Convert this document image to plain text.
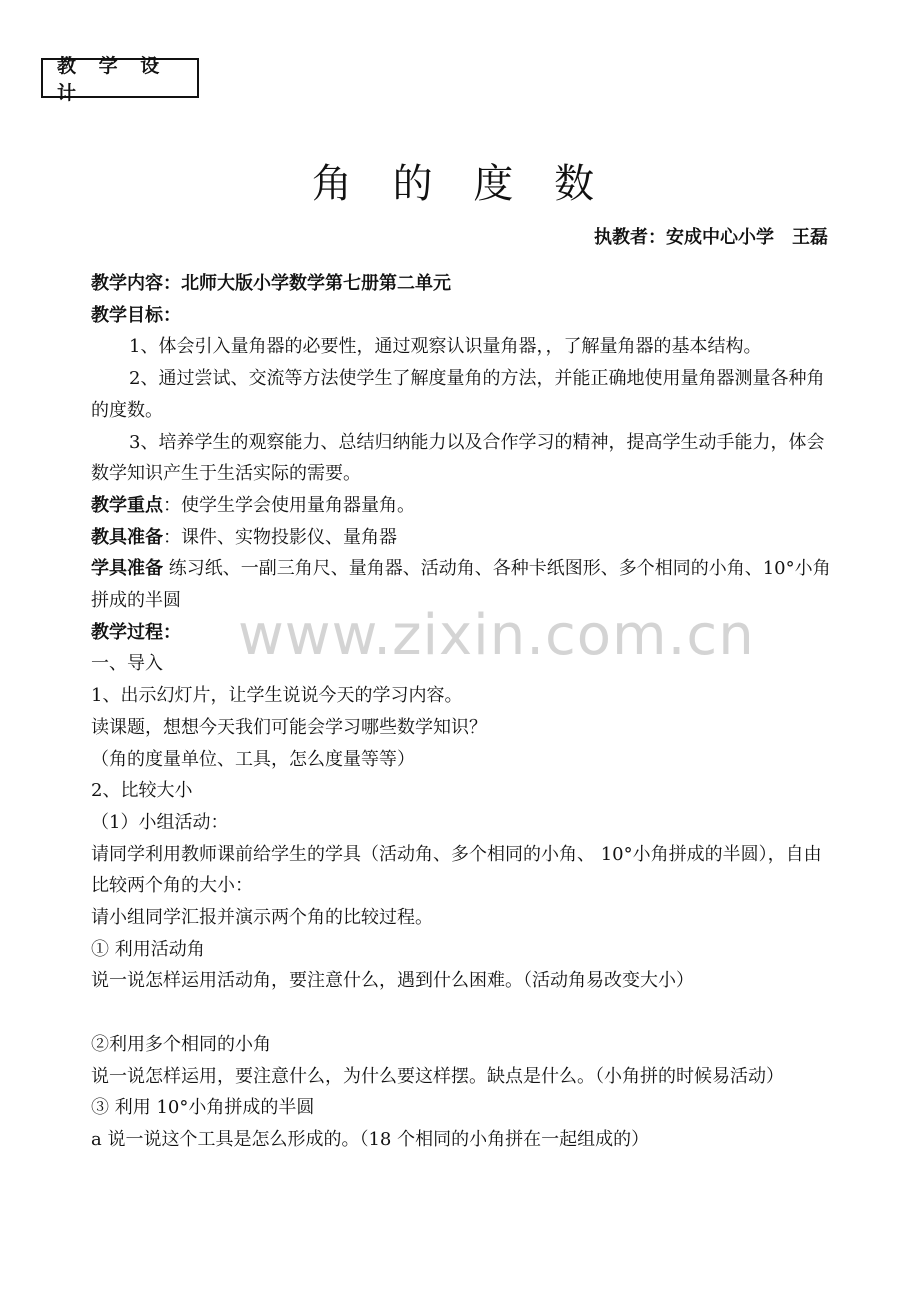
教 学 设 计
角 的 度 数
执教者：安成中心小学　王磊
教学内容：北师大版小学数学第七册第二单元
教学目标：
1、体会引入量角器的必要性，通过观察认识量角器，，了解量角器的基本结构。
2、通过尝试、交流等方法使学生了解度量角的方法，并能正确地使用量角器测量各种角的度数。
3、培养学生的观察能力、总结归纳能力以及合作学习的精神，提高学生动手能力，体会数学知识产生于生活实际的需要。
教学重点：使学生学会使用量角器量角。
教具准备：课件、实物投影仪、量角器
学具准备 练习纸、一副三角尺、量角器、活动角、各种卡纸图形、多个相同的小角、10°小角拼成的半圆
教学过程：
一、导入
1、出示幻灯片，让学生说说今天的学习内容。
读课题，想想今天我们可能会学习哪些数学知识？
（角的度量单位、工具，怎么度量等等）
2、比较大小
（1）小组活动：
请同学利用教师课前给学生的学具（活动角、多个相同的小角、 10°小角拼成的半圆），自由比较两个角的大小：
请小组同学汇报并演示两个角的比较过程。
① 利用活动角
说一说怎样运用活动角，要注意什么，遇到什么困难。（活动角易改变大小）
②利用多个相同的小角
说一说怎样运用，要注意什么，为什么要这样摆。缺点是什么。（小角拼的时候易活动）
③ 利用 10°小角拼成的半圆
a 说一说这个工具是怎么形成的。（18 个相同的小角拼在一起组成的）
www.zixin.com.cn
